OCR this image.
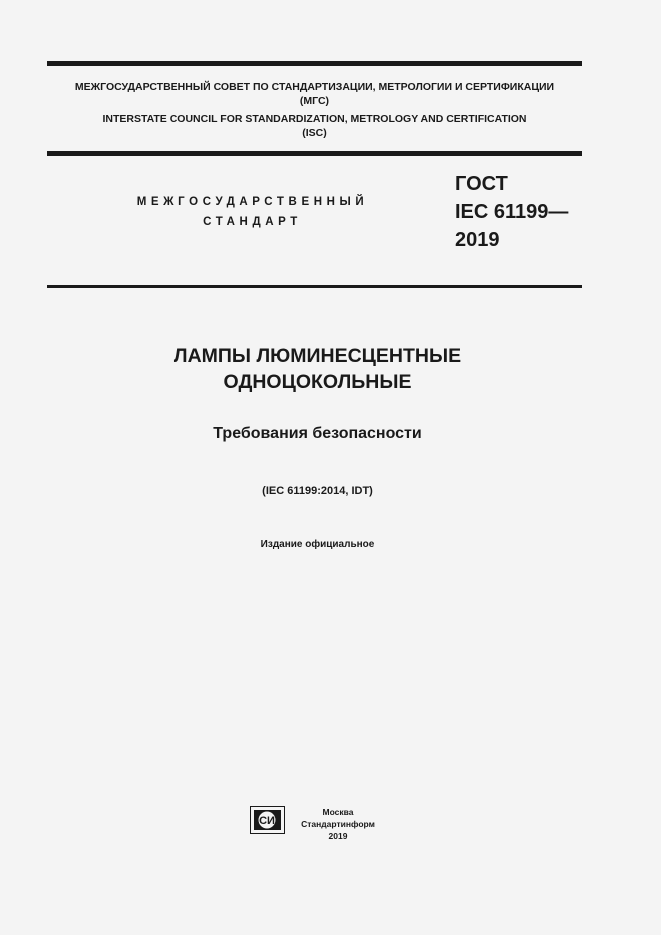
МЕЖГОСУДАРСТВЕННЫЙ СОВЕТ ПО СТАНДАРТИЗАЦИИ, МЕТРОЛОГИИ И СЕРТИФИКАЦИИ
(МГС)
INTERSTATE COUNCIL FOR STANDARDIZATION, METROLOGY AND CERTIFICATION
(ISC)
МЕЖГОСУДАРСТВЕННЫЙ
СТАНДАРТ
ГОСТ
IEC 61199—
2019
ЛАМПЫ ЛЮМИНЕСЦЕНТНЫЕ
ОДНОЦОКОЛЬНЫЕ
Требования безопасности
(IEC 61199:2014, IDT)
Издание официальное
СИ
Москва
Стандартинформ
2019
